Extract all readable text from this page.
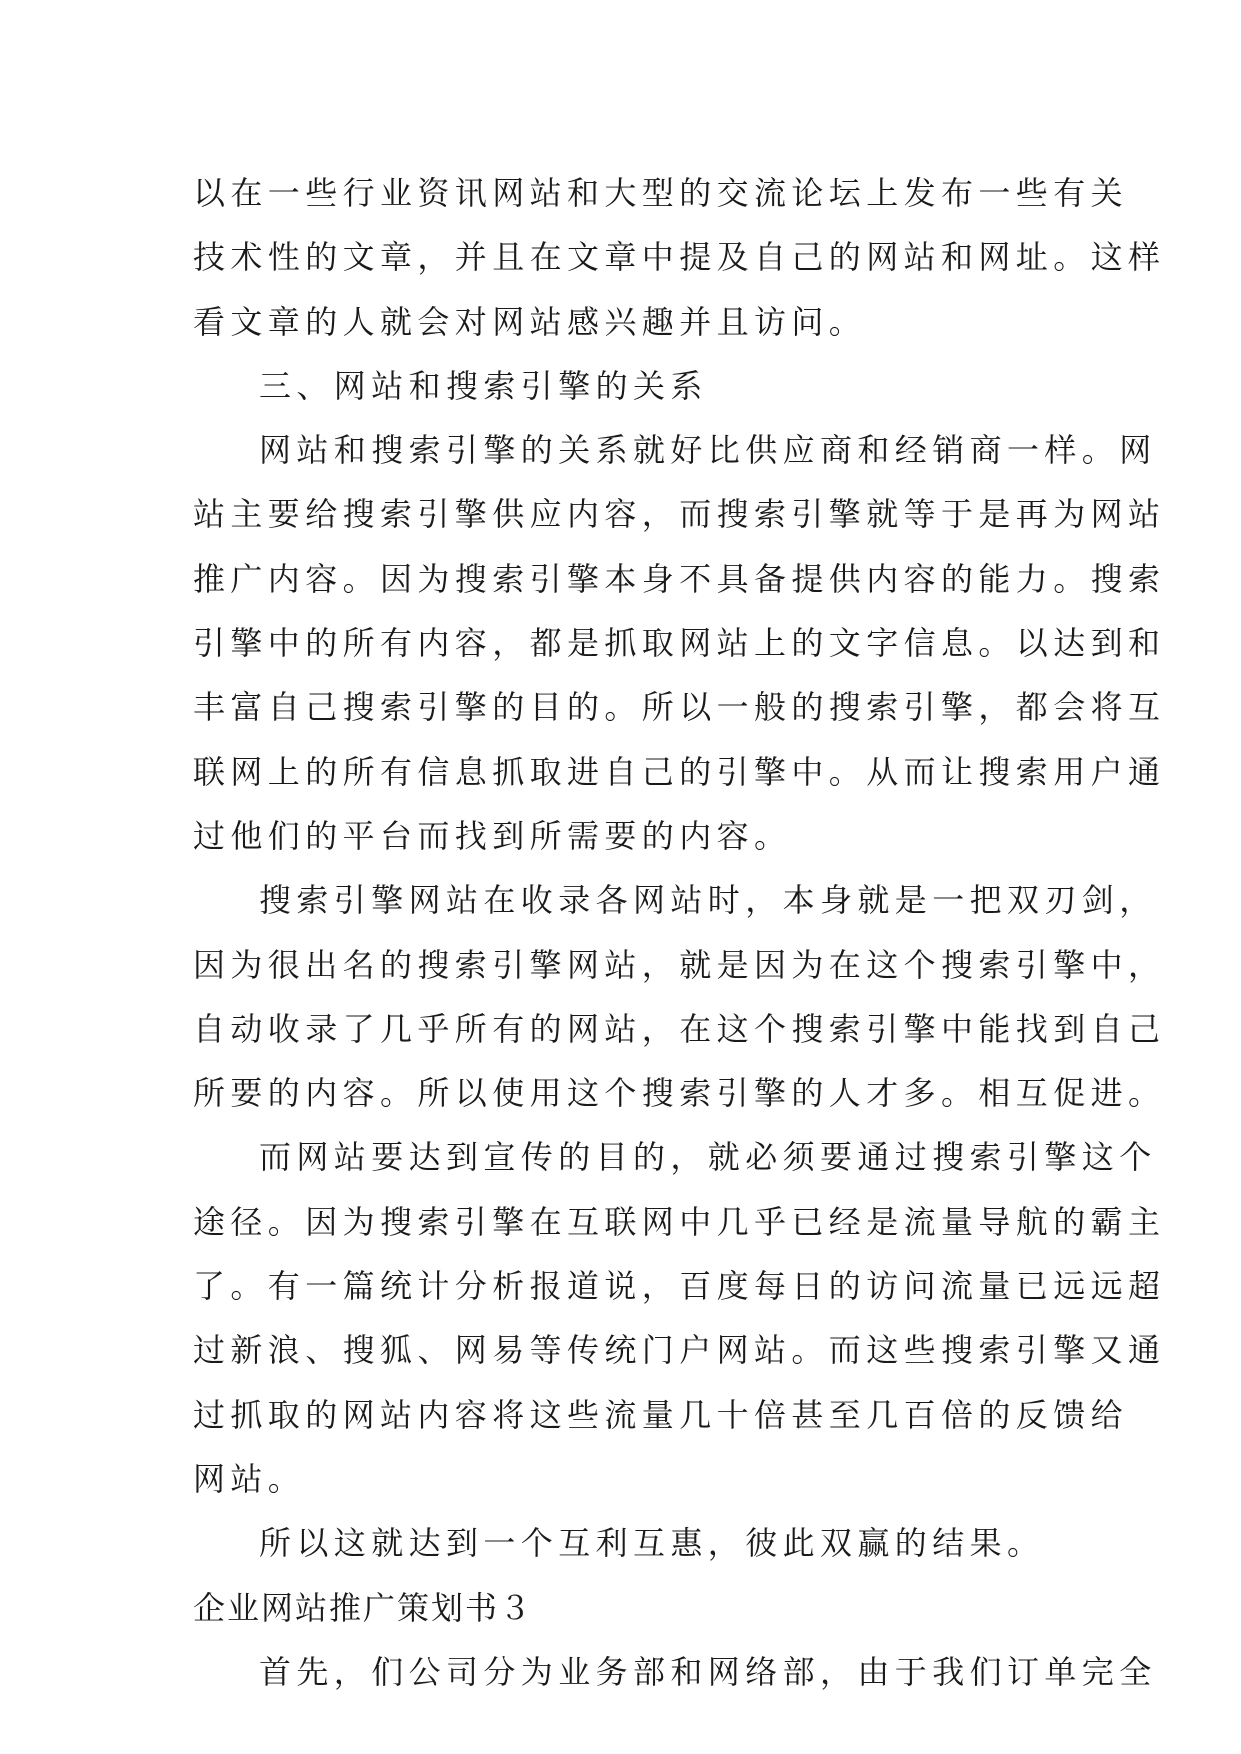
以在一些行业资讯网站和大型的交流论坛上发布一些有关
技术性的文章，并且在文章中提及自己的网站和网址。这样
看文章的人就会对网站感兴趣并且访问。
三、网站和搜索引擎的关系
网站和搜索引擎的关系就好比供应商和经销商一样。网
站主要给搜索引擎供应内容，而搜索引擎就等于是再为网站
推广内容。因为搜索引擎本身不具备提供内容的能力。搜索
引擎中的所有内容，都是抓取网站上的文字信息。以达到和
丰富自己搜索引擎的目的。所以一般的搜索引擎，都会将互
联网上的所有信息抓取进自己的引擎中。从而让搜索用户通
过他们的平台而找到所需要的内容。
搜索引擎网站在收录各网站时，本身就是一把双刃剑，
因为很出名的搜索引擎网站，就是因为在这个搜索引擎中，
自动收录了几乎所有的网站，在这个搜索引擎中能找到自己
所要的内容。所以使用这个搜索引擎的人才多。相互促进。
而网站要达到宣传的目的，就必须要通过搜索引擎这个
途径。因为搜索引擎在互联网中几乎已经是流量导航的霸主
了。有一篇统计分析报道说，百度每日的访问流量已远远超
过新浪、搜狐、网易等传统门户网站。而这些搜索引擎又通
过抓取的网站内容将这些流量几十倍甚至几百倍的反馈给
网站。
所以这就达到一个互利互惠，彼此双赢的结果。
企业网站推广策划书３
首先，们公司分为业务部和网络部，由于我们订单完全
